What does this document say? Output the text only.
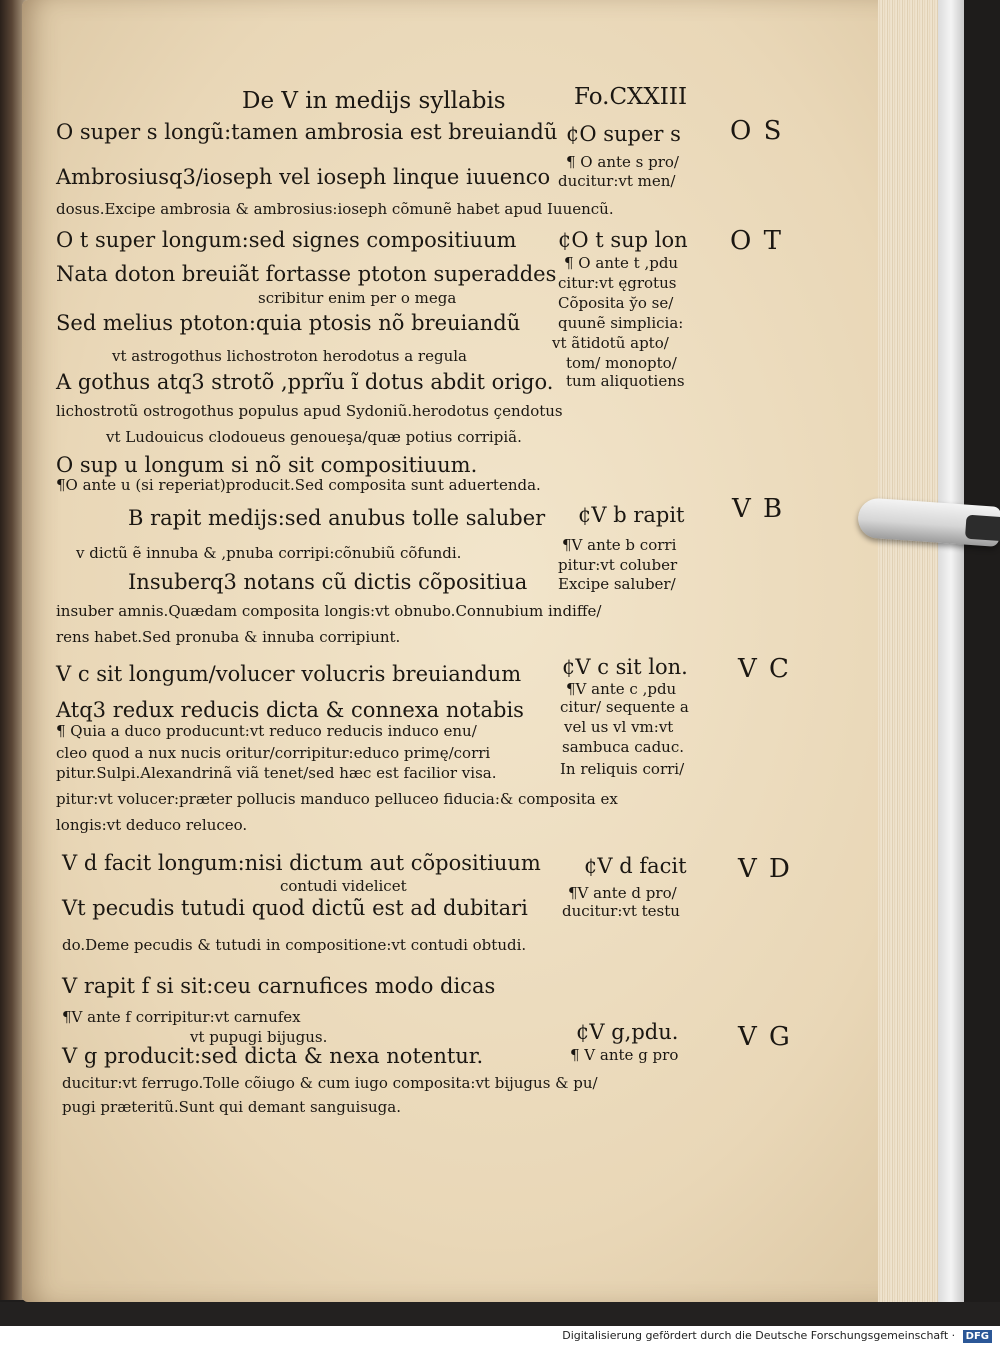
De V in medijs syllabis	Fo.CXXIII
O super s longũ:tamen ambrosia est breuiandũ
Ambrosiusq3/ioseph vel ioseph linque iuuenco
dosus.Excipe ambrosia & ambrosius:ioseph cõmunẽ habet apud Iuuencũ.
O t super longum:sed signes compositiuum
Nata doton breuiãt fortasse ptoton superaddes
scribitur enim per o mega
Sed melius ptoton:quia ptosis nõ breuiandũ
vt astrogothus lichostroton herodotus a regula
A gothus atq3 strotõ ,pprĩu ĩ dotus abdit origo.
lichostrotũ ostrogothus populus apud Sydoniũ.herodotus çendotus
vt Ludouicus clodoueus genoueşa/quæ potius corripiã.
O sup u longum si nõ sit compositiuum.
¶O ante u (si reperiat)producit.Sed composita sunt aduertenda.
B rapit medijs:sed anubus tolle saluber
v dictũ ẽ innuba & ,pnuba corripi:cõnubiũ cõfundi.
Insuberq3 notans cũ dictis cõpositiua
insuber amnis.Quædam composita longis:vt obnubo.Connubium indiffe/
rens habet.Sed pronuba & innuba corripiunt.
V c sit longum/volucer volucris breuiandum
Atq3 redux reducis dicta & connexa notabis
¶ Quia a duco producunt:vt reduco reducis induco enu/
cleo quod a nux nucis oritur/corripitur:educo primę/corri
pitur.Sulpi.Alexandrinã viã tenet/sed hæc est facilior visa.
pitur:vt volucer:præter pollucis manduco pelluceo fiducia:& composita ex
longis:vt deduco reluceo.
V d facit longum:nisi dictum aut cõpositiuum
contudi videlicet
Vt pecudis tutudi quod dictũ est ad dubitari
do.Deme pecudis & tutudi in compositione:vt contudi obtudi.
V rapit f si sit:ceu carnufices modo dicas
¶V ante f corripitur:vt carnufex
vt pupugi bijugus.
V g producit:sed dicta & nexa notentur.
ducitur:vt ferrugo.Tolle cõiugo & cum iugo composita:vt bijugus & pu/
pugi præteritũ.Sunt qui demant sanguisuga.
¢O super s
¶ O ante s pro/
ducitur:vt men/
¢O t sup lon
¶ O ante t ,pdu
citur:vt ęgrotus
Cõposita y̆o se/
quunẽ simplicia:
vt ãtidotũ apto/
tom/ monopto/
tum aliquotiens
¢V b rapit
¶V ante b corri
pitur:vt coluber
Excipe saluber/
¢V c sit lon.
¶V ante c ,pdu
citur/ sequente a
vel us vl vm:vt
sambuca caduc.
In reliquis corri/
¢V d facit
¶V ante d pro/
ducitur:vt testu
¢V g,pdu.
¶ V ante g pro
O S
O T
V B
V C
V D
V G
Digitalisierung gefördert durch die Deutsche Forschungsgemeinschaft · DFG
